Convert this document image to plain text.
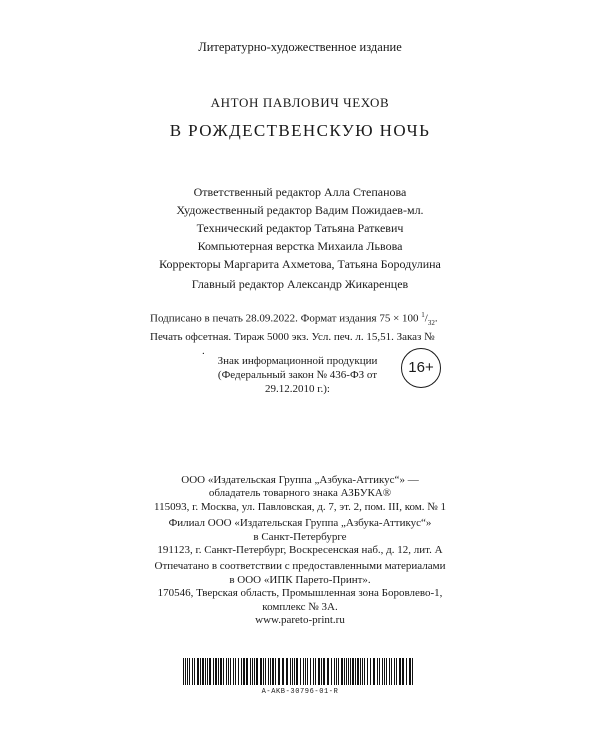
Литературно-художественное издание
АНТОН ПАВЛОВИЧ ЧЕХОВ
В РОЖДЕСТВЕНСКУЮ НОЧЬ
Ответственный редактор Алла Степанова
Художественный редактор Вадим Пожидаев-мл.
Технический редактор Татьяна Раткевич
Компьютерная верстка Михаила Львова
Корректоры Маргарита Ахметова, Татьяна Бородулина
Главный редактор Александр Жикаренцев
Подписано в печать 28.09.2022. Формат издания 75 × 100 $^1/_{32}$.
Печать офсетная. Тираж 5000 экз. Усл. печ. л. 15,51. Заказ №.
Знак информационной продукции
(Федеральный закон № 436-ФЗ от 29.12.2010 г.):
16+
ООО «Издательская Группа „Азбука-Аттикус“» —
обладатель товарного знака АЗБУКА®
115093, г. Москва, ул. Павловская, д. 7, эт. 2, пом. III, ком. № 1
Филиал ООО «Издательская Группа „Азбука-Аттикус“»
в Санкт-Петербурге
191123, г. Санкт-Петербург, Воскресенская наб., д. 12, лит. А
Отпечатано в соответствии с предоставленными материалами
в ООО «ИПК Парето-Принт».
170546, Тверская область, Промышленная зона Боровлево-1,
комплекс № 3А.
www.pareto-print.ru
A-AKB-30796-01-R
